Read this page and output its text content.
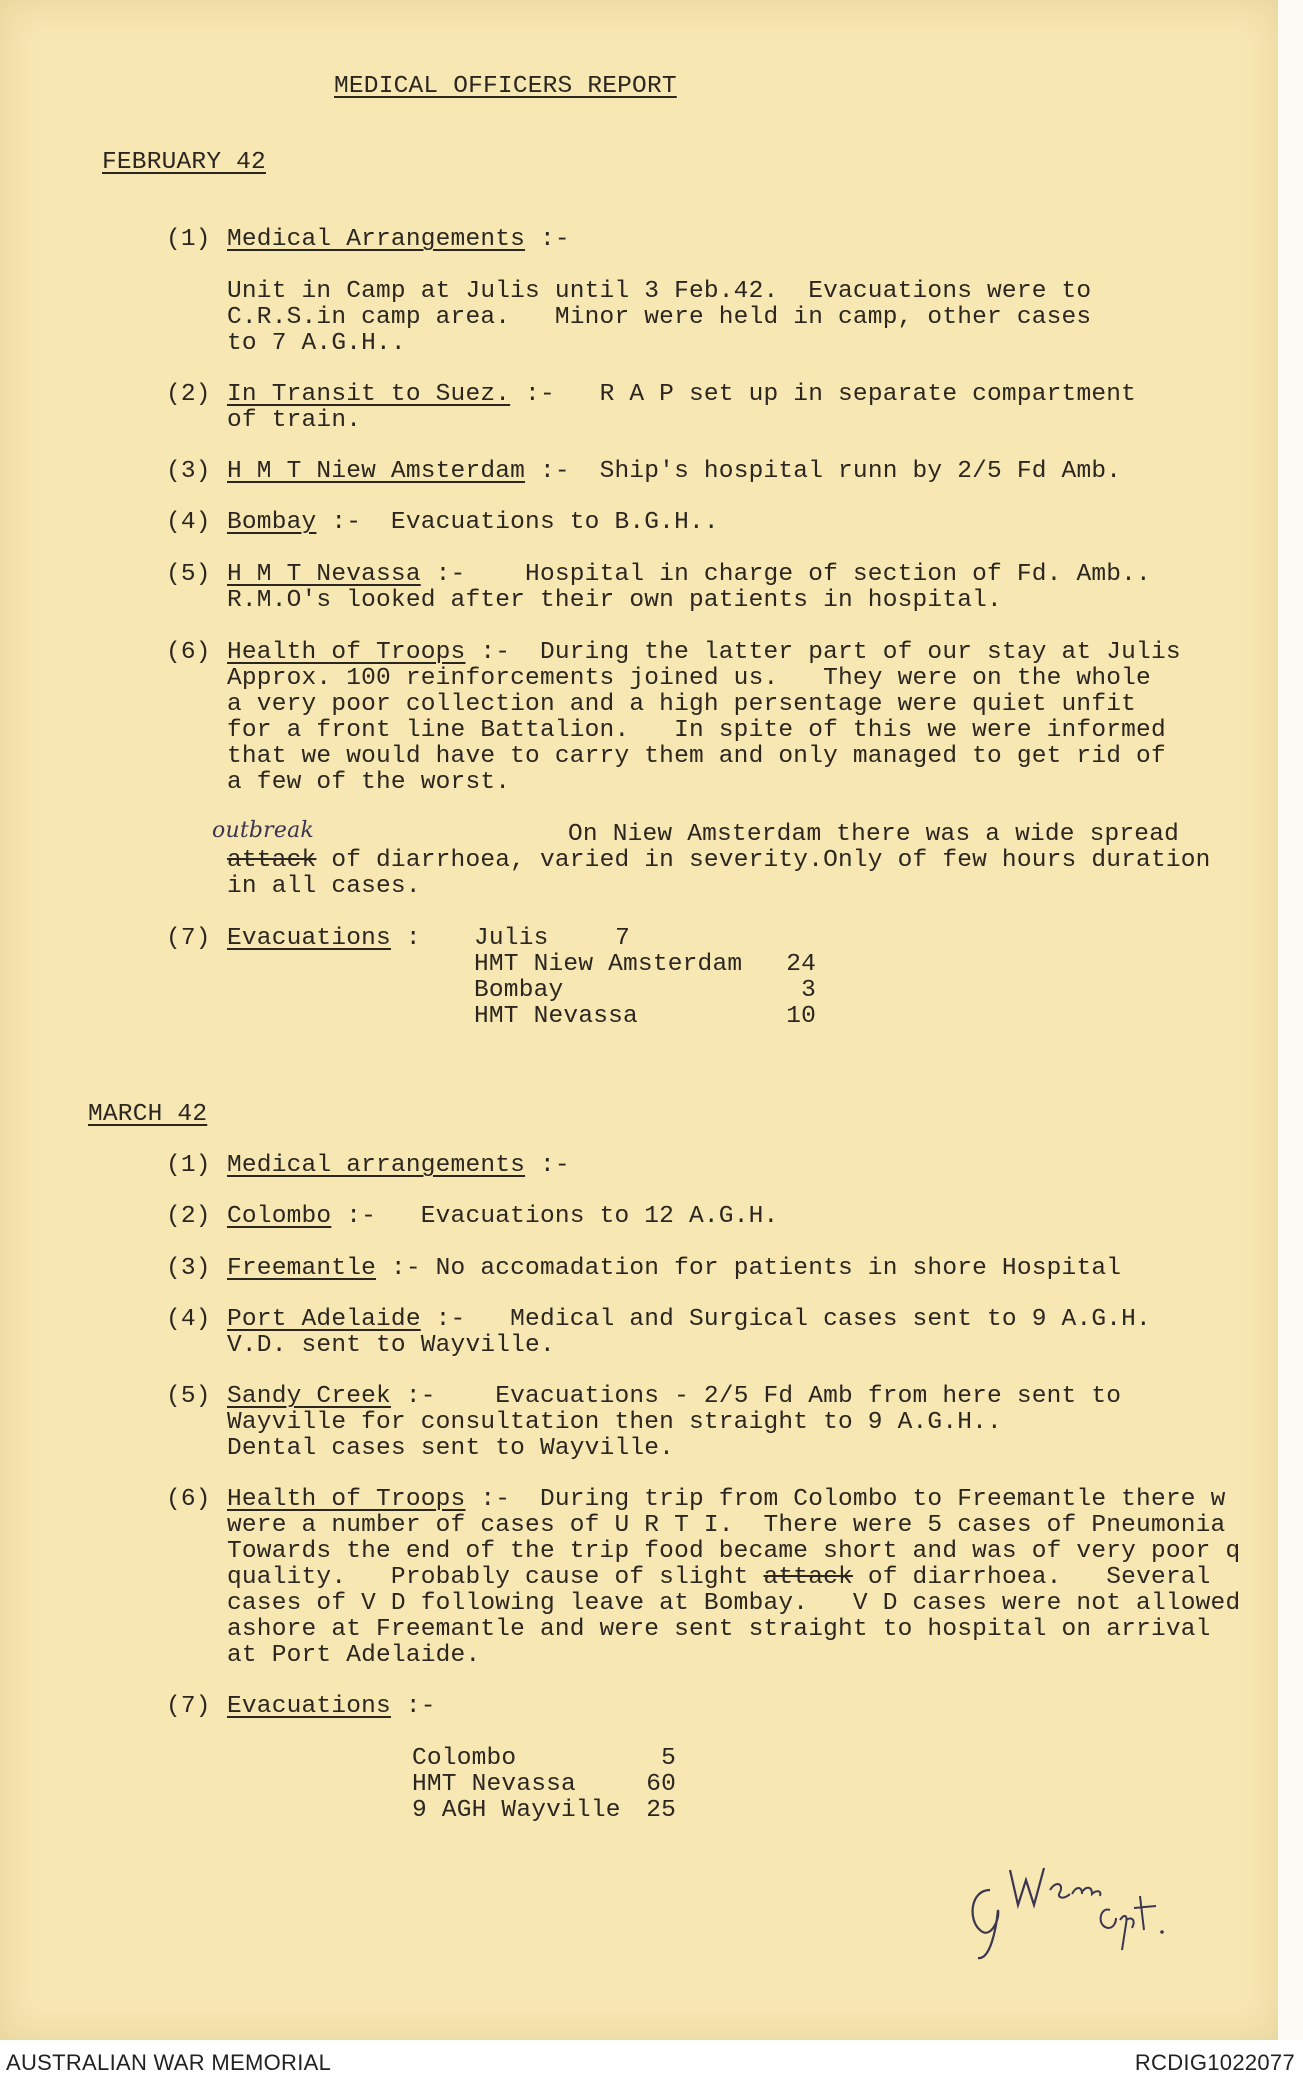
MEDICAL OFFICERS REPORT
FEBRUARY 42
(1) Medical Arrangements :-
Unit in Camp at Julis until 3 Feb.42.  Evacuations were to
C.R.S.in camp area.   Minor were held in camp, other cases
to 7 A.G.H..
(2) In Transit to Suez. :-   R A P set up in separate compartment
of train.
(3) H M T Niew Amsterdam :-  Ship's hospital runn by 2/5 Fd Amb.
(4) Bombay :-  Evacuations to B.G.H..
(5) H M T Nevassa :-    Hospital in charge of section of Fd. Amb..
R.M.O's looked after their own patients in hospital.
(6) Health of Troops :-  During the latter part of our stay at Julis
Approx. 100 reinforcements joined us.   They were on the whole
a very poor collection and a high persentage were quiet unfit
for a front line Battalion.   In spite of this we were informed
that we would have to carry them and only managed to get rid of
a few of the worst.
outbreak	On Niew Amsterdam there was a wide spread
attack of diarrhoea, varied in severity.Only of few hours duration
in all cases.
(7) Evacuations : Julis	7
HMT Niew Amsterdam	24
Bombay	3
HMT Nevassa	10
MARCH 42
(1) Medical arrangements :-
(2) Colombo :-   Evacuations to 12 A.G.H.
(3) Freemantle :- No accomadation for patients in shore Hospital
(4) Port Adelaide :-   Medical and Surgical cases sent to 9 A.G.H.
V.D. sent to Wayville.
(5) Sandy Creek :-    Evacuations - 2/5 Fd Amb from here sent to
Wayville for consultation then straight to 9 A.G.H..
Dental cases sent to Wayville.
(6) Health of Troops :-  During trip from Colombo to Freemantle there w
were a number of cases of U R T I.  There were 5 cases of Pneumonia
Towards the end of the trip food became short and was of very poor q
quality.   Probably cause of slight attack of diarrhoea.   Several
cases of V D following leave at Bombay.   V D cases were not allowed
ashore at Freemantle and were sent straight to hospital on arrival
at Port Adelaide.
(7) Evacuations :-
Colombo	5
HMT Nevassa	60
9 AGH Wayville	25
AUSTRALIAN WAR MEMORIAL	RCDIG1022077
